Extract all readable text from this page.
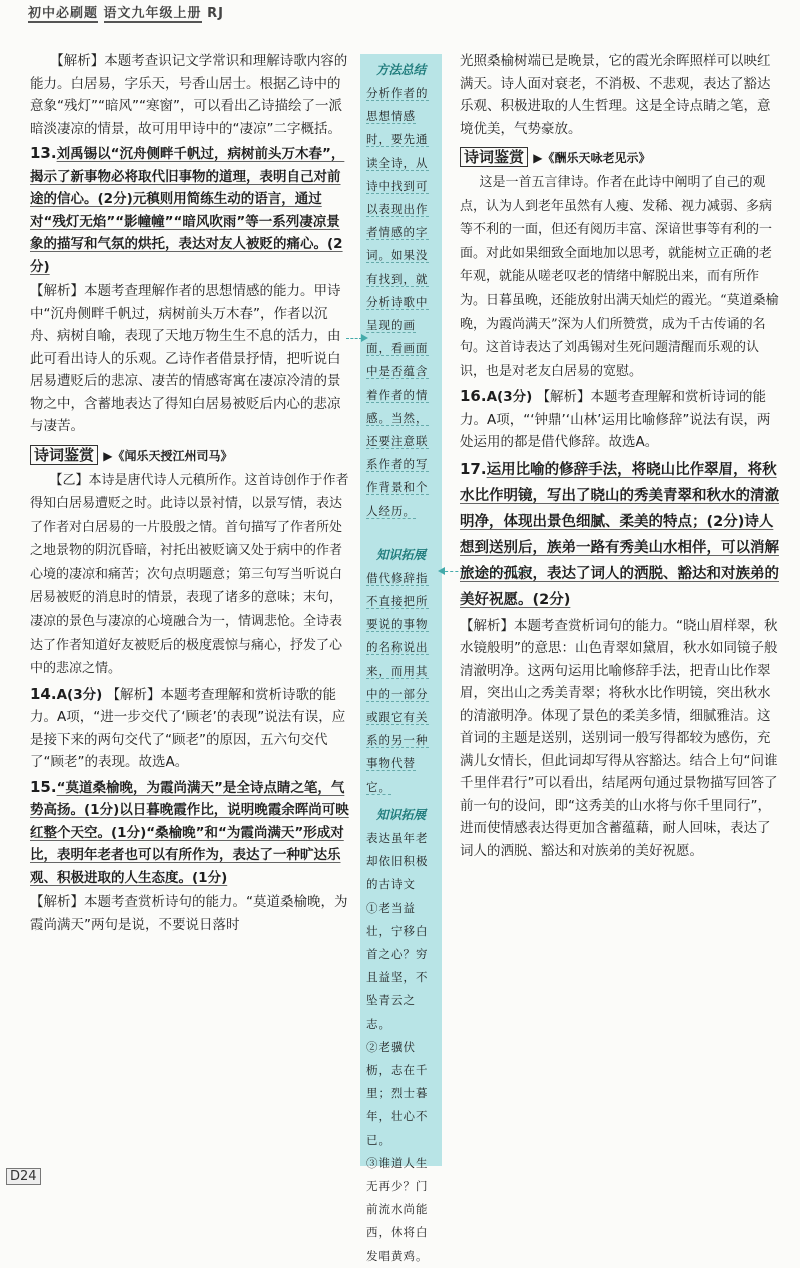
初中必刷题 语文九年级上册 RJ

【解析】本题考查识记文学常识和理解诗歌内容的能力。白居易，字乐天，号香山居士。根据乙诗中的意象“残灯”“暗风”“寒窗”，可以看出乙诗描绘了一派暗淡凄凉的情景，故可用甲诗中的“凄凉”二字概括。

13.刘禹锡以“沉舟侧畔千帆过，病树前头万木春”，揭示了新事物必将取代旧事物的道理，表明自己对前途的信心。(2分)元稹则用简练生动的语言，通过对“残灯无焰”“影幢幢”“暗风吹雨”等一系列凄凉景象的描写和气氛的烘托，表达对友人被贬的痛心。(2分)

【解析】本题考查理解作者的思想情感的能力。甲诗中“沉舟侧畔千帆过，病树前头万木春”，作者以沉舟、病树自喻，表现了天地万物生生不息的活力，由此可看出诗人的乐观。乙诗作者借景抒情，把听说白居易遭贬后的悲凉、凄苦的情感寄寓在凄凉冷清的景物之中，含蓄地表达了得知白居易被贬后内心的悲凉与凄苦。

诗词鉴赏 ▶《闻乐天授江州司马》

【乙】本诗是唐代诗人元稹所作。这首诗创作于作者得知白居易遭贬之时。此诗以景衬情，以景写情，表达了作者对白居易的一片股殷之情。首句描写了作者所处之地景物的阴沉昏暗，衬托出被贬谪又处于病中的作者心境的凄凉和痛苦；次句点明题意；第三句写当听说白居易被贬的消息时的情景，表现了诸多的意味；末句，凄凉的景色与凄凉的心境融合为一，情调悲怆。全诗表达了作者知道好友被贬后的极度震惊与痛心，抒发了心中的悲凉之情。

14.A(3分) 【解析】本题考查理解和赏析诗歌的能力。A项，“进一步交代了‘顾老’的表现”说法有误，应是接下来的两句交代了“顾老”的原因，五六句交代了“顾老”的表现。故选A。

15.“莫道桑榆晚，为霞尚满天”是全诗点睛之笔，气势高扬。(1分)以日暮晚霞作比，说明晚霞余晖尚可映红整个天空。(1分)“桑榆晚”和“为霞尚满天”形成对比，表明年老者也可以有所作为，表达了一种旷达乐观、积极进取的人生态度。(1分)

【解析】本题考查赏析诗句的能力。“莫道桑榆晚，为霞尚满天”两句是说，不要说日落时

方法总结
分析作者的思想情感时，要先通读全诗，从诗中找到可以表现出作者情感的字词。如果没有找到，就分析诗歌中呈现的画面，看画面中是否蕴含着作者的情感。当然，还要注意联系作者的写作背景和个人经历。
知识拓展
借代修辞指不直接把所要说的事物的名称说出来，而用其中的一部分或跟它有关系的另一种事物代替它。
知识拓展
表达虽年老却依旧积极的古诗文
①老当益壮，宁移白首之心？穷且益坚，不坠青云之志。
②老骥伏枥，志在千里；烈士暮年，壮心不已。
③谁道人生无再少？门前流水尚能西，休将白发唱黄鸡。

光照桑榆树端已是晚景，它的霞光余晖照样可以映红满天。诗人面对衰老，不消极、不悲观，表达了豁达乐观、积极进取的人生哲理。这是全诗点睛之笔，意境优美，气势豪放。

诗词鉴赏 ▶《酬乐天咏老见示》

这是一首五言律诗。作者在此诗中阐明了自己的观点，认为人到老年虽然有人瘦、发稀、视力减弱、多病等不利的一面，但还有阅历丰富、深谙世事等有利的一面。对此如果细致全面地加以思考，就能树立正确的老年观，就能从嗟老叹老的情绪中解脱出来，而有所作为。日暮虽晚，还能放射出满天灿烂的霞光。“莫道桑榆晚，为霞尚满天”深为人们所赞赏，成为千古传诵的名句。这首诗表达了刘禹锡对生死问题清醒而乐观的认识，也是对老友白居易的宽慰。

16.A(3分) 【解析】本题考查理解和赏析诗词的能力。A项，“‘钟鼎’‘山林’运用比喻修辞”说法有误，两处运用的都是借代修辞。故选A。

17.运用比喻的修辞手法，将晓山比作翠眉，将秋水比作明镜，写出了晓山的秀美青翠和秋水的清澈明净，体现出景色细腻、柔美的特点；(2分)诗人想到送别后，族弟一路有秀美山水相伴，可以消解旅途的孤寂，表达了词人的洒脱、豁达和对族弟的美好祝愿。(2分)

【解析】本题考查赏析词句的能力。“晓山眉样翠，秋水镜般明”的意思：山色青翠如黛眉，秋水如同镜子般清澈明净。这两句运用比喻修辞手法，把青山比作翠眉，突出山之秀美青翠；将秋水比作明镜，突出秋水的清澈明净。体现了景色的柔美多情，细腻雅洁。这首词的主题是送别，送别词一般写得都较为感伤，充满儿女情长，但此词却写得从容豁达。结合上句“问谁千里伴君行”可以看出，结尾两句通过景物描写回答了前一句的设问，即“这秀美的山水将与你千里同行”，进而使情感表达得更加含蓄蕴藉，耐人回味，表达了词人的洒脱、豁达和对族弟的美好祝愿。

D24
